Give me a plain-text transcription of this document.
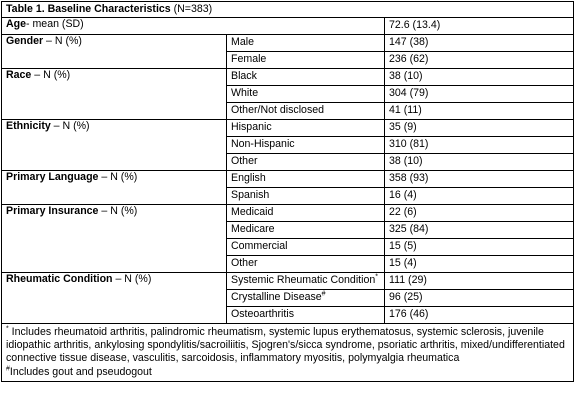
Table 1. Baseline Characteristics (N=383)		
Age- mean (SD)		72.6 (13.4)
Gender – N (%)	Male	147 (38)
	Female	236 (62)
Race – N (%)	Black	38 (10)
	White	304 (79)
	Other/Not disclosed	41 (11)
Ethnicity – N (%)	Hispanic	35 (9)
	Non-Hispanic	310 (81)
	Other	38 (10)
Primary Language – N (%)	English	358 (93)
	Spanish	16 (4)
Primary Insurance – N (%)	Medicaid	22 (6)
	Medicare	325 (84)
	Commercial	15 (5)
	Other	15 (4)
Rheumatic Condition – N (%)	Systemic Rheumatic Condition*	111 (29)
	Crystalline Disease#	96 (25)
	Osteoarthritis	176 (46)

* Includes rheumatoid arthritis, palindromic rheumatism, systemic lupus erythematosus, systemic sclerosis, juvenile idiopathic arthritis, ankylosing spondylitis/sacroiliitis, Sjogren's/sicca syndrome, psoriatic arthritis, mixed/undifferentiated connective tissue disease, vasculitis, sarcoidosis, inflammatory myositis, polymyalgia rheumatica
#Includes gout and pseudogout		
